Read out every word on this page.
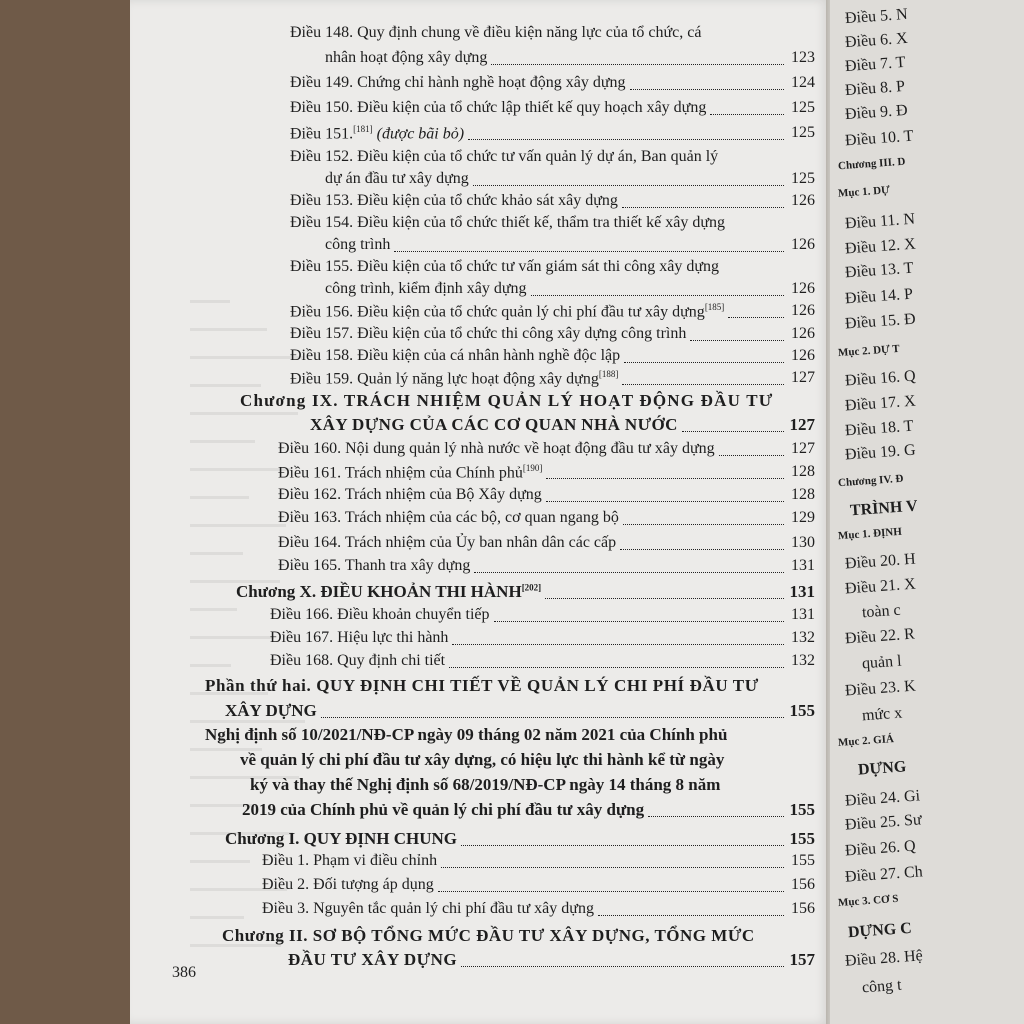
Điều 148. Quy định chung về điều kiện năng lực của tổ chức, cá
nhân hoạt động xây dựng	123
Điều 149. Chứng chỉ hành nghề hoạt động xây dựng	124
Điều 150. Điều kiện của tổ chức lập thiết kế quy hoạch xây dựng	125
Điều 151.[181] (được bãi bỏ)	125
Điều 152. Điều kiện của tổ chức tư vấn quản lý dự án, Ban quản lý
dự án đầu tư xây dựng	125
Điều 153. Điều kiện của tổ chức khảo sát xây dựng	126
Điều 154. Điều kiện của tổ chức thiết kế, thẩm tra thiết kế xây dựng
công trình	126
Điều 155. Điều kiện của tổ chức tư vấn giám sát thi công xây dựng
công trình, kiểm định xây dựng	126
Điều 156. Điều kiện của tổ chức quản lý chi phí đầu tư xây dựng[185]	126
Điều 157. Điều kiện của tổ chức thi công xây dựng công trình	126
Điều 158. Điều kiện của cá nhân hành nghề độc lập	126
Điều 159. Quản lý năng lực hoạt động xây dựng[188]	127
Chương IX. TRÁCH NHIỆM QUẢN LÝ HOẠT ĐỘNG ĐẦU TƯ
XÂY DỰNG CỦA CÁC CƠ QUAN NHÀ NƯỚC	127
Điều 160. Nội dung quản lý nhà nước về hoạt động đầu tư xây dựng	127
Điều 161. Trách nhiệm của Chính phủ[190]	128
Điều 162. Trách nhiệm của Bộ Xây dựng	128
Điều 163. Trách nhiệm của các bộ, cơ quan ngang bộ	129
Điều 164. Trách nhiệm của Ủy ban nhân dân các cấp	130
Điều 165. Thanh tra xây dựng	131
Chương X. ĐIỀU KHOẢN THI HÀNH[202]	131
Điều 166. Điều khoản chuyển tiếp	131
Điều 167. Hiệu lực thi hành	132
Điều 168. Quy định chi tiết	132
Phần thứ hai. QUY ĐỊNH CHI TIẾT VỀ QUẢN LÝ CHI PHÍ ĐẦU TƯ
XÂY DỰNG	155
Nghị định số 10/2021/NĐ-CP ngày 09 tháng 02 năm 2021 của Chính phủ
về quản lý chi phí đầu tư xây dựng, có hiệu lực thi hành kể từ ngày
ký và thay thế Nghị định số 68/2019/NĐ-CP ngày 14 tháng 8 năm
2019 của Chính phủ về quản lý chi phí đầu tư xây dựng	155
Chương I. QUY ĐỊNH CHUNG	155
Điều 1. Phạm vi điều chỉnh	155
Điều 2. Đối tượng áp dụng	156
Điều 3. Nguyên tắc quản lý chi phí đầu tư xây dựng	156
Chương II. SƠ BỘ TỔNG MỨC ĐẦU TƯ XÂY DỰNG, TỔNG MỨC
ĐẦU TƯ XÂY DỰNG	157
Điều 5. N
Điều 6. X
Điều 7. T
Điều 8. P
Điều 9. Đ
Điều 10. T
Chương III. D
Mục 1. DỰ
Điều 11. N
Điều 12. X
Điều 13. T
Điều 14. P
Điều 15. Đ
Mục 2. DỰ T
Điều 16. Q
Điều 17. X
Điều 18. T
Điều 19. G
Chương IV. Đ
TRÌNH V
Mục 1. ĐỊNH
Điều 20. H
Điều 21. X
toàn c
Điều 22. R
quản l
Điều 23. K
mức x
Mục 2. GIÁ
DỰNG
Điều 24. Gi
Điều 25. Sư
Điều 26. Q
Điều 27. Ch
Mục 3. CƠ S
DỰNG C
Điều 28. Hệ
công t
386
